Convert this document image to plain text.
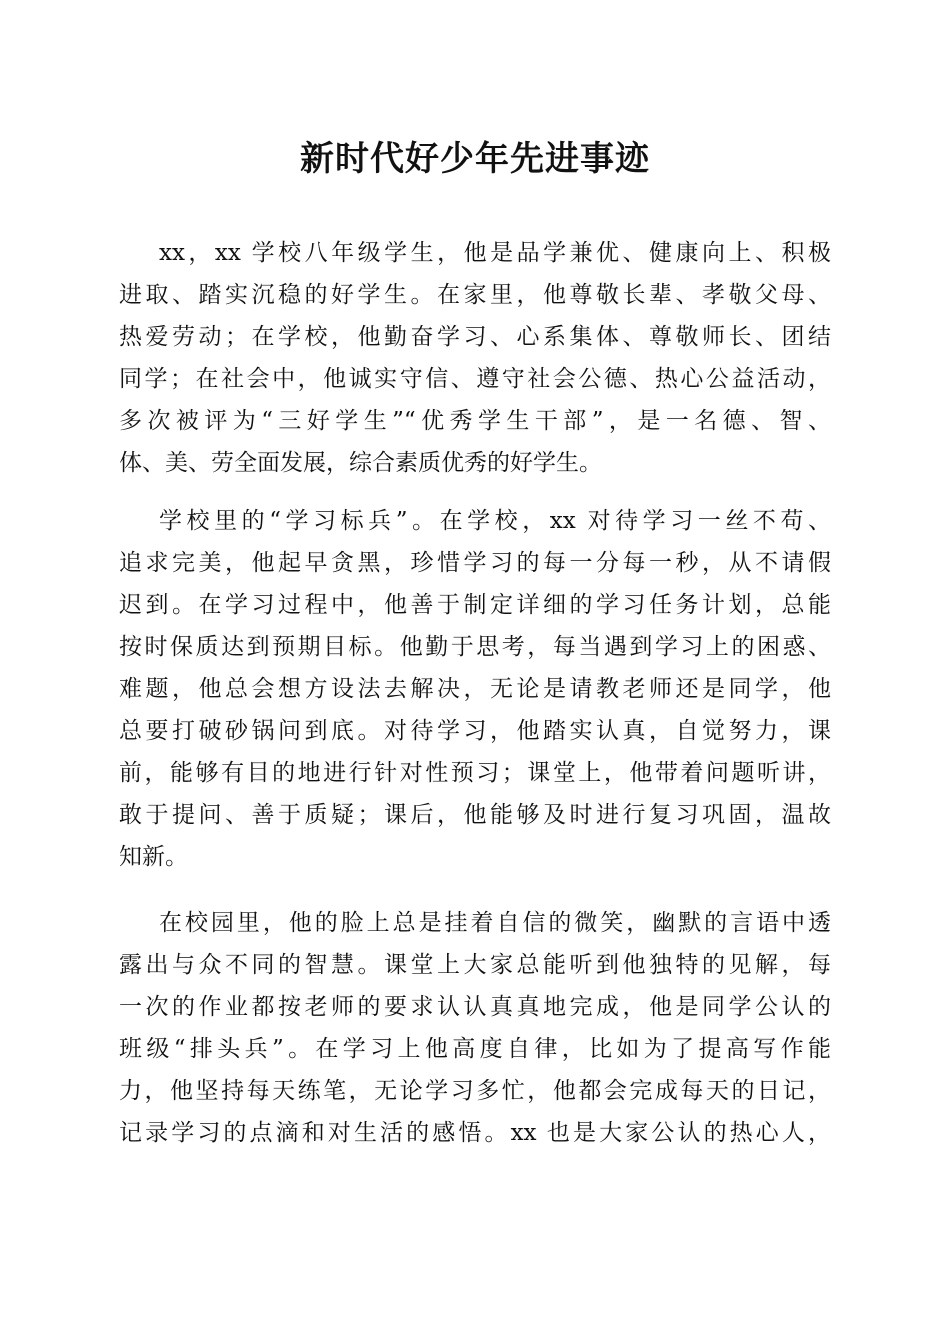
新时代好少年先进事迹

xx，xx 学校八年级学生，他是品学兼优、健康向上、积极

进取、踏实沉稳的好学生。在家里，他尊敬长辈、孝敬父母、

热爱劳动；在学校，他勤奋学习、心系集体、尊敬师长、团结

同学；在社会中，他诚实守信、遵守社会公德、热心公益活动，

多次被评为“三好学生”“优秀学生干部”，是一名德、智、

体、美、劳全面发展，综合素质优秀的好学生。

学校里的“学习标兵”。在学校，xx 对待学习一丝不苟、

追求完美，他起早贪黑，珍惜学习的每一分每一秒，从不请假

迟到。在学习过程中，他善于制定详细的学习任务计划，总能

按时保质达到预期目标。他勤于思考，每当遇到学习上的困惑、

难题，他总会想方设法去解决，无论是请教老师还是同学，他

总要打破砂锅问到底。对待学习，他踏实认真，自觉努力，课

前，能够有目的地进行针对性预习；课堂上，他带着问题听讲，

敢于提问、善于质疑；课后，他能够及时进行复习巩固，温故

知新。

在校园里，他的脸上总是挂着自信的微笑，幽默的言语中透

露出与众不同的智慧。课堂上大家总能听到他独特的见解，每

一次的作业都按老师的要求认认真真地完成，他是同学公认的

班级“排头兵”。在学习上他高度自律，比如为了提高写作能

力，他坚持每天练笔，无论学习多忙，他都会完成每天的日记，

记录学习的点滴和对生活的感悟。xx 也是大家公认的热心人，
